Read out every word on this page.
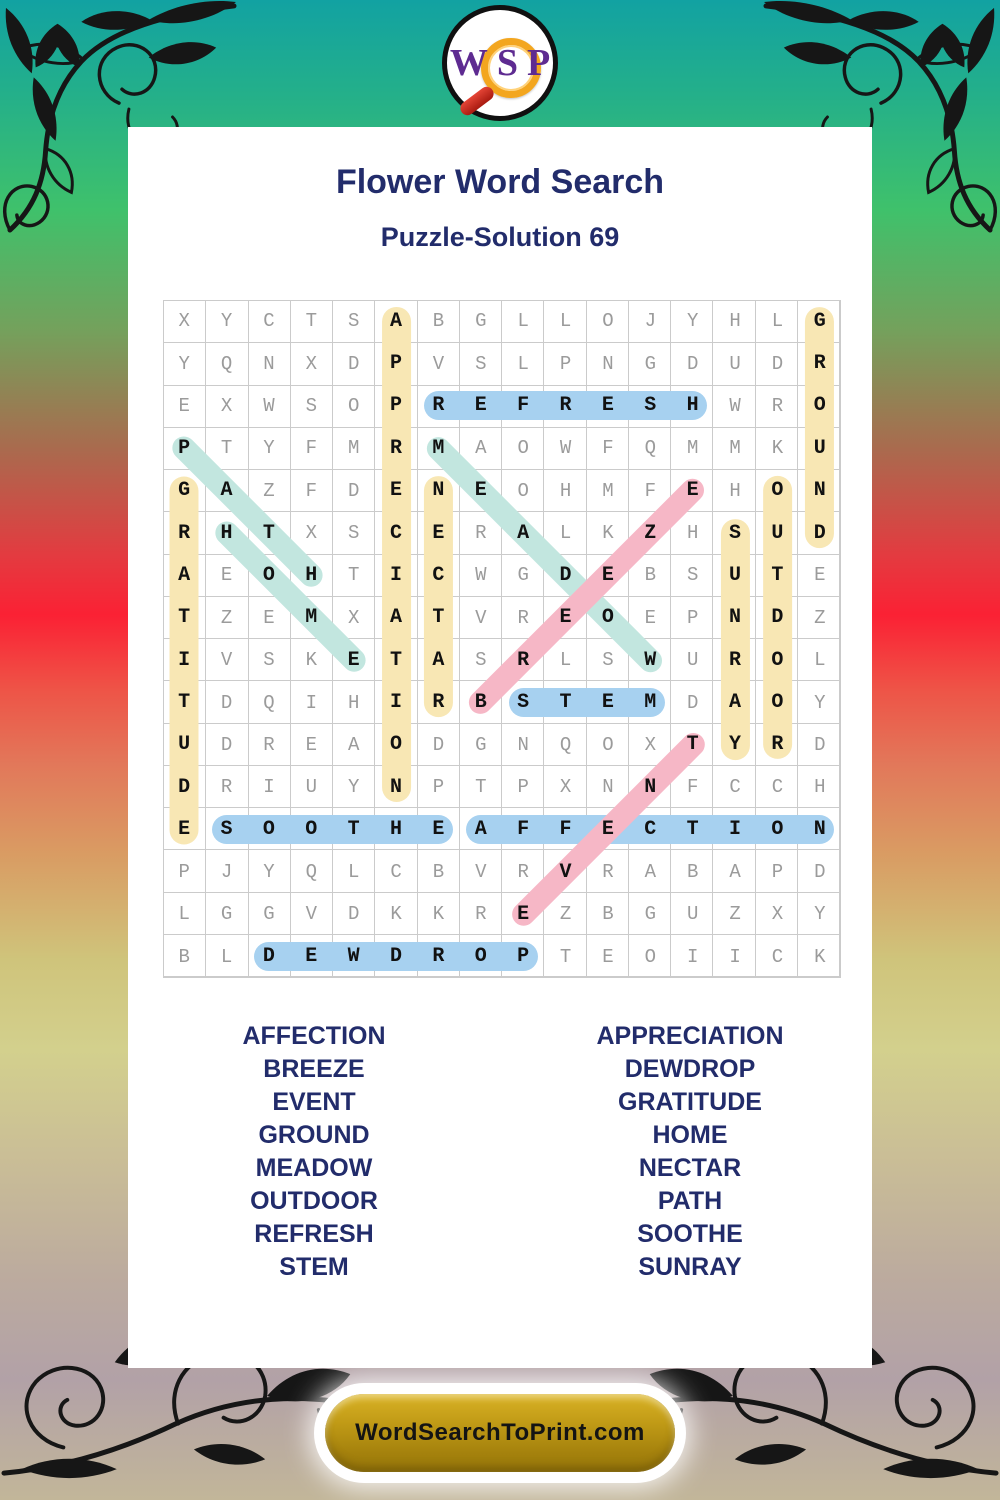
W S P
Flower Word Search
Puzzle-Solution 69
X	Y	C	T	S	A	B	G	L	L	O	J	Y	H	L	G
Y	Q	N	X	D	P	V	S	L	P	N	G	D	U	D	R
E	X	W	S	O	P	R	E	F	R	E	S	H	W	R	O
P	T	Y	F	M	R	M	A	O	W	F	Q	M	M	K	U
G	A	Z	F	D	E	N	E	O	H	M	F	E	H	O	N
R	H	T	X	S	C	E	R	A	L	K	Z	H	S	U	D
A	E	O	H	T	I	C	W	G	D	E	B	S	U	T	E
T	Z	E	M	X	A	T	V	R	E	O	E	P	N	D	Z
I	V	S	K	E	T	A	S	R	L	S	W	U	R	O	L
T	D	Q	I	H	I	R	B	S	T	E	M	D	A	O	Y
U	D	R	E	A	O	D	G	N	Q	O	X	T	Y	R	D
D	R	I	U	Y	N	P	T	P	X	N	N	F	C	C	H
E	S	O	O	T	H	E	A	F	F	E	C	T	I	O	N
P	J	Y	Q	L	C	B	V	R	V	R	A	B	A	P	D
L	G	G	V	D	K	K	R	E	Z	B	G	U	Z	X	Y
B	L	D	E	W	D	R	O	P	T	E	O	I	I	C	K
AFFECTION
BREEZE
EVENT
GROUND
MEADOW
OUTDOOR
REFRESH
STEM
APPRECIATION
DEWDROP
GRATITUDE
HOME
NECTAR
PATH
SOOTHE
SUNRAY
WordSearchToPrint.com
